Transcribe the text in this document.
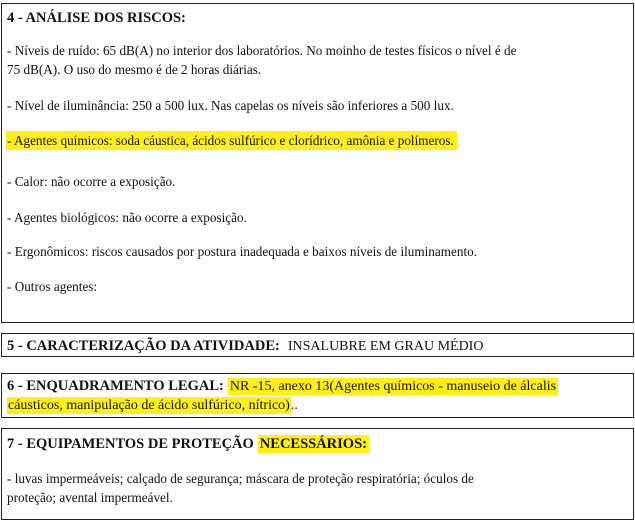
4 - ANÁLISE DOS RISCOS:
- Níveis de ruído: 65 dB(A) no interior dos laboratórios. No moinho de testes físicos o nível é de
75 dB(A). O uso do mesmo é de 2 horas diárias.
- Nível de iluminância: 250 a 500 lux. Nas capelas os níveis são inferiores a 500 lux.
- Agentes químicos: soda cáustica, ácidos sulfúrico e clorídrico, amônia e polímeros.
- Calor: não ocorre a exposição.
- Agentes biológicos: não ocorre a exposição.
- Ergonômicos: riscos causados por postura inadequada e baixos níveis de iluminamento.
- Outros agentes:
5 - CARACTERIZAÇÃO DA ATIVIDADE: INSALUBRE EM GRAU MÉDIO
6 - ENQUADRAMENTO LEGAL: NR -15, anexo 13(Agentes químicos - manuseio de álcalis
cáusticos, manipulação de ácido sulfúrico, nítrico)..
7 - EQUIPAMENTOS DE PROTEÇÃO NECESSÁRIOS:
- luvas impermeáveis; calçado de segurança; máscara de proteção respiratória; óculos de
proteção; avental impermeável.
